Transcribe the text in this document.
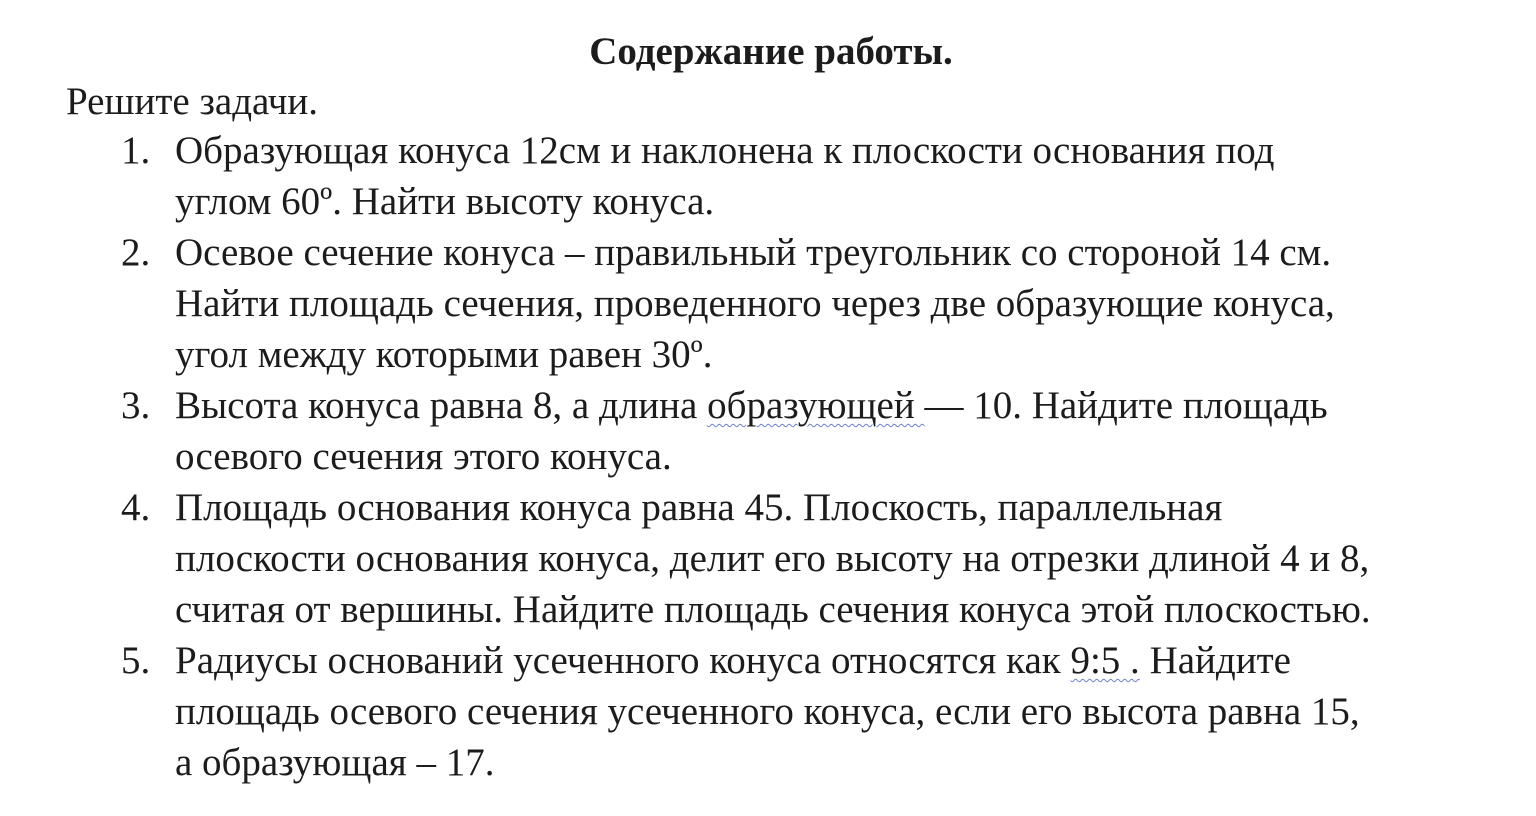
Содержание работы.

Решите задачи.

1. Образующая конуса 12см и наклонена к плоскости основания под
углом 60º. Найти высоту конуса.
2. Осевое сечение конуса – правильный треугольник со стороной 14 см.
Найти площадь сечения, проведенного через две образующие конуса,
угол между которыми равен 30º.
3. Высота конуса равна 8, а длина образующей — 10. Найдите площадь
осевого сечения этого конуса.
4. Площадь основания конуса равна 45. Плоскость, параллельная
плоскости основания конуса, делит его высоту на отрезки длиной 4 и 8,
считая от вершины. Найдите площадь сечения конуса этой плоскостью.
5. Радиусы оснований усеченного конуса относятся как 9:5 . Найдите
площадь осевого сечения усеченного конуса, если его высота равна 15,
а образующая – 17.
